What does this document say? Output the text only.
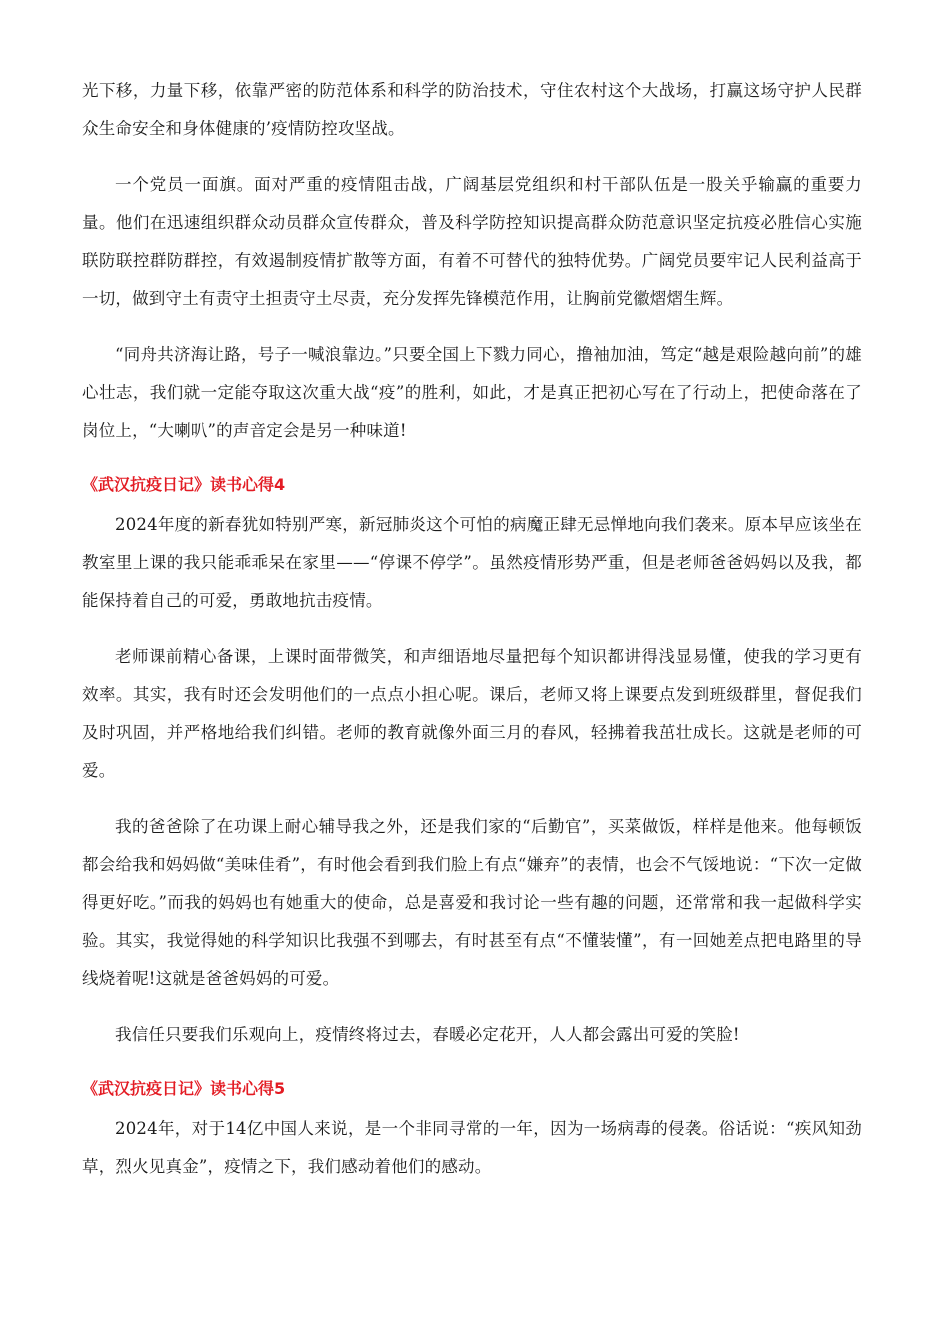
光下移，力量下移，依靠严密的防范体系和科学的防治技术，守住农村这个大战场，打赢这场守护人民群众生命安全和身体健康的’疫情防控攻坚战。

一个党员一面旗。面对严重的疫情阻击战，广阔基层党组织和村干部队伍是一股关乎输赢的重要力量。他们在迅速组织群众动员群众宣传群众，普及科学防控知识提高群众防范意识坚定抗疫必胜信心实施联防联控群防群控，有效遏制疫情扩散等方面，有着不可替代的独特优势。广阔党员要牢记人民利益高于一切，做到守土有责守土担责守土尽责，充分发挥先锋模范作用，让胸前党徽熠熠生辉。

“同舟共济海让路，号子一喊浪靠边。”只要全国上下戮力同心，撸袖加油，笃定“越是艰险越向前”的雄心壮志，我们就一定能夺取这次重大战“疫”的胜利，如此，才是真正把初心写在了行动上，把使命落在了岗位上，“大喇叭”的声音定会是另一种味道!

《武汉抗疫日记》读书心得4

2024年度的新春犹如特别严寒，新冠肺炎这个可怕的病魔正肆无忌惮地向我们袭来。原本早应该坐在教室里上课的我只能乖乖呆在家里——“停课不停学”。虽然疫情形势严重，但是老师爸爸妈妈以及我，都能保持着自己的可爱，勇敢地抗击疫情。

老师课前精心备课，上课时面带微笑，和声细语地尽量把每个知识都讲得浅显易懂，使我的学习更有效率。其实，我有时还会发明他们的一点点小担心呢。课后，老师又将上课要点发到班级群里，督促我们及时巩固，并严格地给我们纠错。老师的教育就像外面三月的春风，轻拂着我茁壮成长。这就是老师的可爱。

我的爸爸除了在功课上耐心辅导我之外，还是我们家的“后勤官”，买菜做饭，样样是他来。他每顿饭都会给我和妈妈做“美味佳肴”，有时他会看到我们脸上有点“嫌弃”的表情，也会不气馁地说：“下次一定做得更好吃。”而我的妈妈也有她重大的使命，总是喜爱和我讨论一些有趣的问题，还常常和我一起做科学实验。其实，我觉得她的科学知识比我强不到哪去，有时甚至有点“不懂装懂”，有一回她差点把电路里的导线烧着呢!这就是爸爸妈妈的可爱。

我信任只要我们乐观向上，疫情终将过去，春暖必定花开，人人都会露出可爱的笑脸!

《武汉抗疫日记》读书心得5

2024年，对于14亿中国人来说，是一个非同寻常的一年，因为一场病毒的侵袭。俗话说：“疾风知劲草，烈火见真金”，疫情之下，我们感动着他们的感动。
